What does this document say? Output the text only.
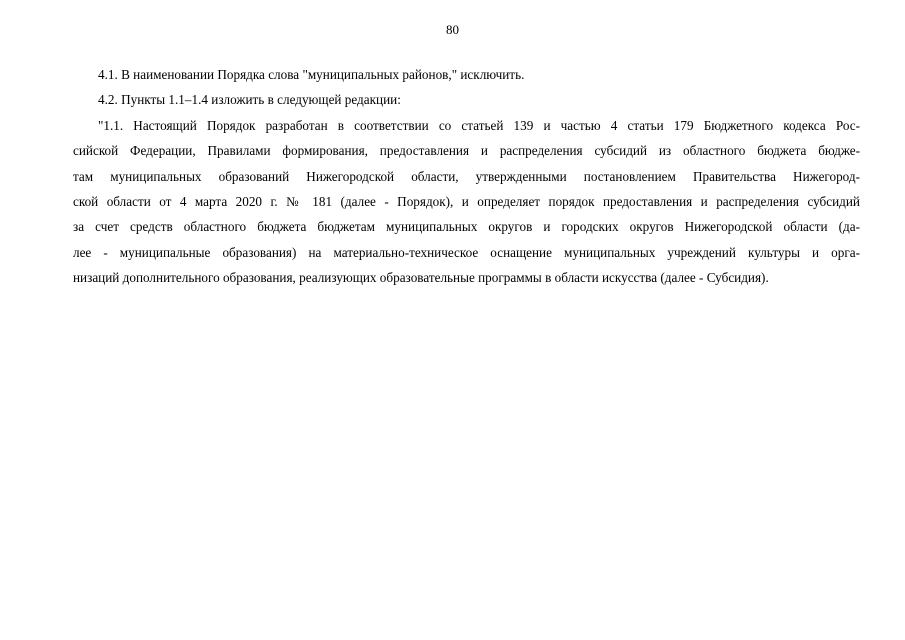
80

4.1. В наименовании Порядка слова "муниципальных районов," исключить.

4.2. Пункты 1.1–1.4 изложить в следующей редакции:

"1.1. Настоящий Порядок разработан в соответствии со статьей 139 и частью 4 статьи 179 Бюджетного кодекса Рос-
сийской Федерации, Правилами формирования, предоставления и распределения субсидий из областного бюджета бюдже-
там муниципальных образований Нижегородской области, утвержденными постановлением Правительства Нижегород-
ской области от 4 марта 2020 г. № 181 (далее - Порядок), и определяет порядок предоставления и распределения субсидий
за счет средств областного бюджета бюджетам муниципальных округов и городских округов Нижегородской области (да-
лее - муниципальные образования) на материально-техническое оснащение муниципальных учреждений культуры и орга-
низаций дополнительного образования, реализующих образовательные программы в области искусства (далее - Субсидия).
